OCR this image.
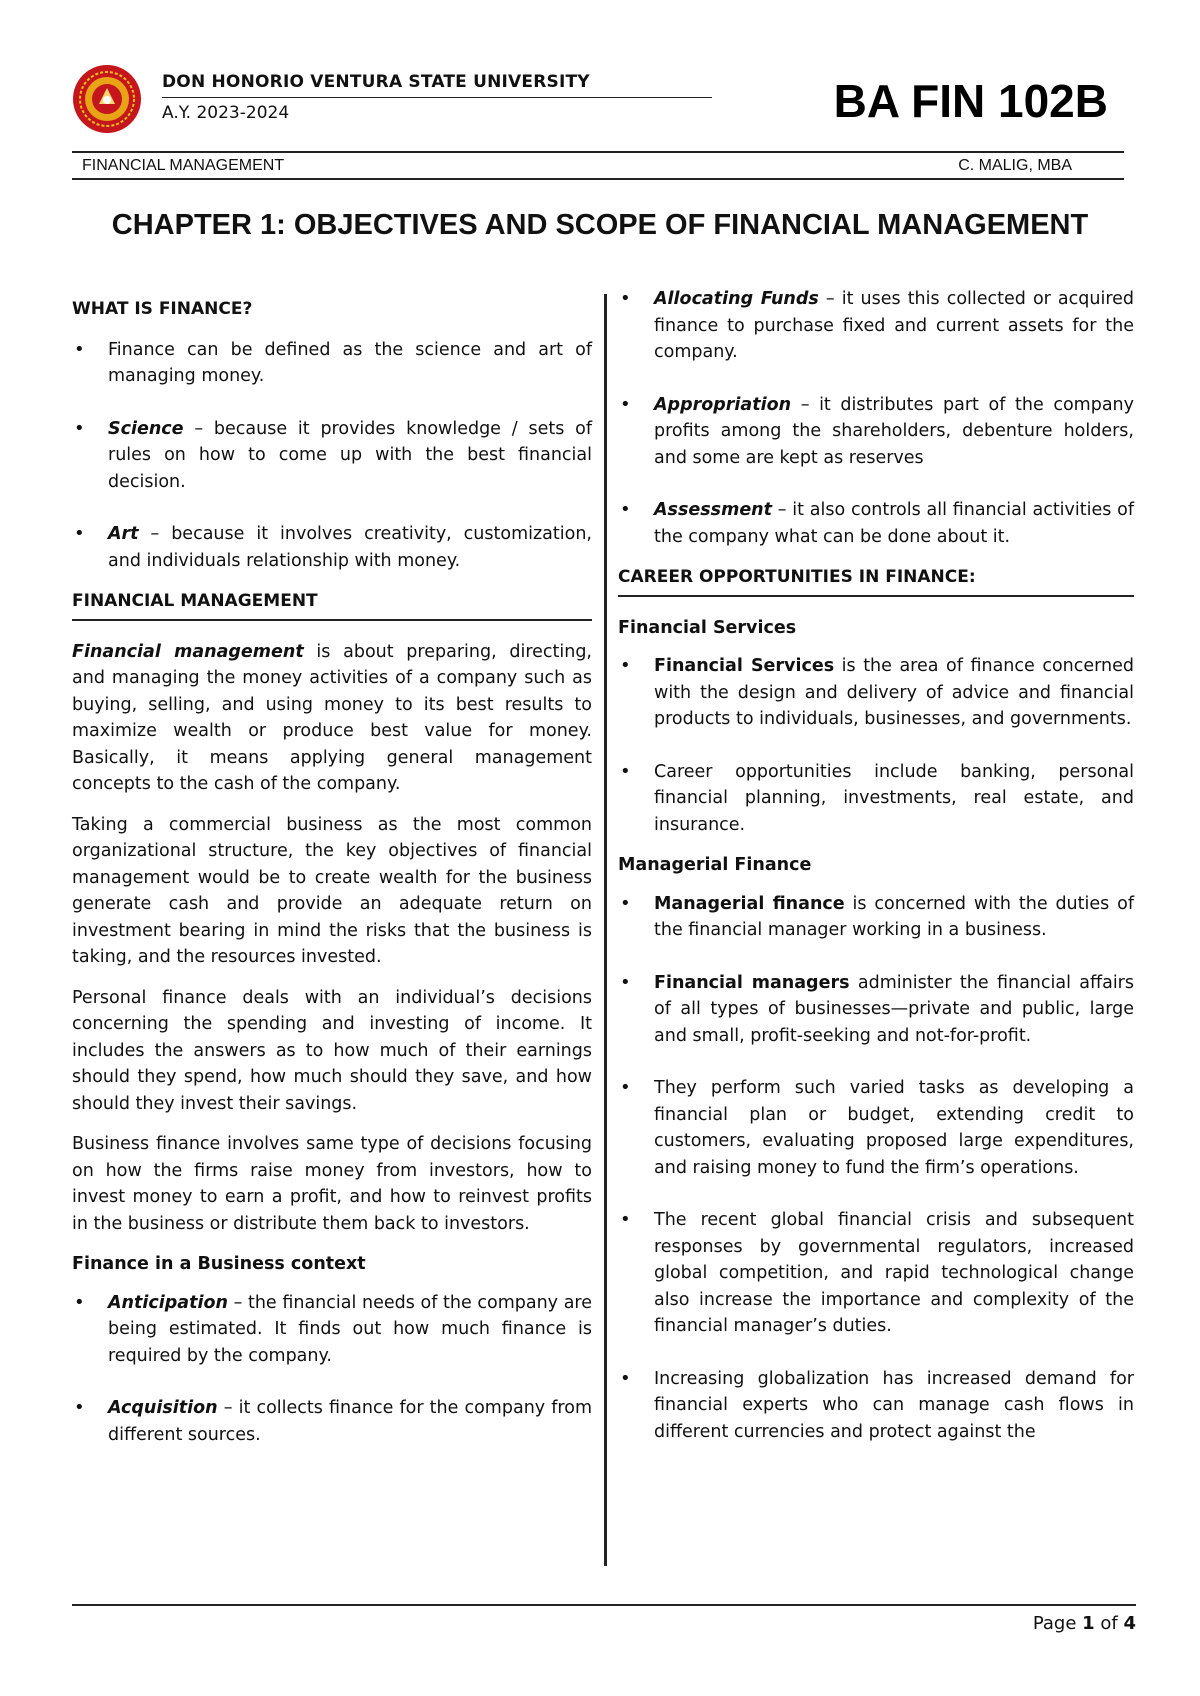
DON HONORIO VENTURA STATE UNIVERSITY
A.Y. 2023-2024	BA FIN 102B
FINANCIAL MANAGEMENT	C. MALIG, MBA
CHAPTER 1: OBJECTIVES AND SCOPE OF FINANCIAL MANAGEMENT
WHAT IS FINANCE?
• Finance can be defined as the science and art of managing money.
• Science – because it provides knowledge / sets of rules on how to come up with the best financial decision.
• Art – because it involves creativity, customization, and individuals relationship with money.
FINANCIAL MANAGEMENT

Financial management is about preparing, directing, and managing the money activities of a company such as buying, selling, and using money to its best results to maximize wealth or produce best value for money. Basically, it means applying general management concepts to the cash of the company.

Taking a commercial business as the most common organizational structure, the key objectives of financial management would be to create wealth for the business generate cash and provide an adequate return on investment bearing in mind the risks that the business is taking, and the resources invested.

Personal finance deals with an individual’s decisions concerning the spending and investing of income. It includes the answers as to how much of their earnings should they spend, how much should they save, and how should they invest their savings.

Business finance involves same type of decisions focusing on how the firms raise money from investors, how to invest money to earn a profit, and how to reinvest profits in the business or distribute them back to investors.

Finance in a Business context
• Anticipation – the financial needs of the company are being estimated. It finds out how much finance is required by the company.
• Acquisition – it collects finance for the company from different sources.
• Allocating Funds – it uses this collected or acquired finance to purchase fixed and current assets for the company.
• Appropriation – it distributes part of the company profits among the shareholders, debenture holders, and some are kept as reserves
• Assessment – it also controls all financial activities of the company what can be done about it.
CAREER OPPORTUNITIES IN FINANCE:
Financial Services
• Financial Services is the area of finance concerned with the design and delivery of advice and financial products to individuals, businesses, and governments.
• Career opportunities include banking, personal financial planning, investments, real estate, and insurance.
Managerial Finance
• Managerial finance is concerned with the duties of the financial manager working in a business.
• Financial managers administer the financial affairs of all types of businesses—private and public, large and small, profit-seeking and not-for-profit.
• They perform such varied tasks as developing a financial plan or budget, extending credit to customers, evaluating proposed large expenditures, and raising money to fund the firm’s operations.
• The recent global financial crisis and subsequent responses by governmental regulators, increased global competition, and rapid technological change also increase the importance and complexity of the financial manager’s duties.
• Increasing globalization has increased demand for financial experts who can manage cash flows in different currencies and protect against the
Page 1 of 4
